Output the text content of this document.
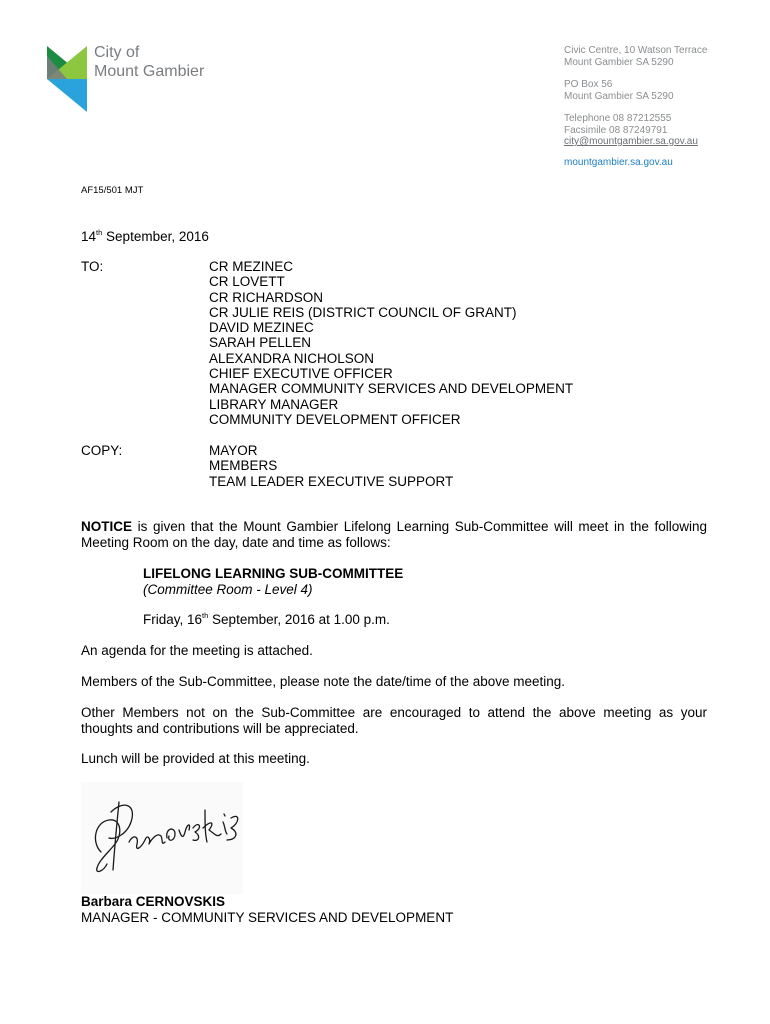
City of
Mount Gambier
Civic Centre, 10 Watson Terrace
Mount Gambier SA 5290
PO Box 56
Mount Gambier SA 5290
Telephone 08 87212555
Facsimile 08 87249791
city@mountgambier.sa.gov.au
mountgambier.sa.gov.au
AF15/501 MJT
14th September, 2016
TO:	CR MEZINEC
CR LOVETT
CR RICHARDSON
CR JULIE REIS (DISTRICT COUNCIL OF GRANT)
DAVID MEZINEC
SARAH PELLEN
ALEXANDRA NICHOLSON
CHIEF EXECUTIVE OFFICER
MANAGER COMMUNITY SERVICES AND DEVELOPMENT
LIBRARY MANAGER
COMMUNITY DEVELOPMENT OFFICER
COPY:	MAYOR
MEMBERS
TEAM LEADER EXECUTIVE SUPPORT
NOTICE is given that the Mount Gambier Lifelong Learning Sub-Committee will meet in the following Meeting Room on the day, date and time as follows:
LIFELONG LEARNING SUB-COMMITTEE
(Committee Room - Level 4)
Friday, 16th September, 2016 at 1.00 p.m.
An agenda for the meeting is attached.
Members of the Sub-Committee, please note the date/time of the above meeting.
Other Members not on the Sub-Committee are encouraged to attend the above meeting as your thoughts and contributions will be appreciated.
Lunch will be provided at this meeting.
Barbara CERNOVSKIS
MANAGER - COMMUNITY SERVICES AND DEVELOPMENT
